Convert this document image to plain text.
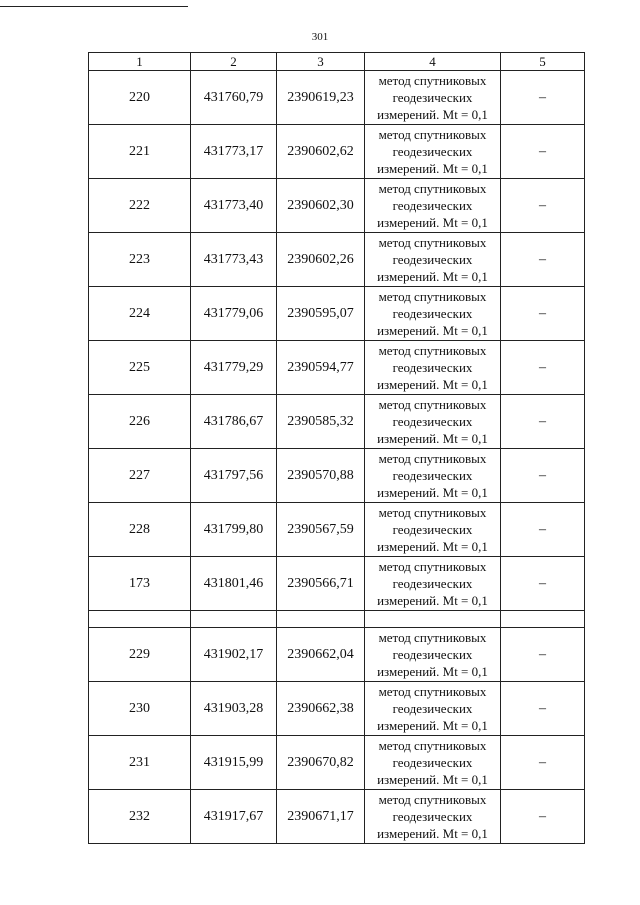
301
1	2	3	4	5
220	431760,79	2390619,23	метод спутниковых
геодезических
измерений. Mt = 0,1	–
221	431773,17	2390602,62	метод спутниковых
геодезических
измерений. Mt = 0,1	–
222	431773,40	2390602,30	метод спутниковых
геодезических
измерений. Mt = 0,1	–
223	431773,43	2390602,26	метод спутниковых
геодезических
измерений. Mt = 0,1	–
224	431779,06	2390595,07	метод спутниковых
геодезических
измерений. Mt = 0,1	–
225	431779,29	2390594,77	метод спутниковых
геодезических
измерений. Mt = 0,1	–
226	431786,67	2390585,32	метод спутниковых
геодезических
измерений. Mt = 0,1	–
227	431797,56	2390570,88	метод спутниковых
геодезических
измерений. Mt = 0,1	–
228	431799,80	2390567,59	метод спутниковых
геодезических
измерений. Mt = 0,1	–
173	431801,46	2390566,71	метод спутниковых
геодезических
измерений. Mt = 0,1	–

229	431902,17	2390662,04	метод спутниковых
геодезических
измерений. Mt = 0,1	–
230	431903,28	2390662,38	метод спутниковых
геодезических
измерений. Mt = 0,1	–
231	431915,99	2390670,82	метод спутниковых
геодезических
измерений. Mt = 0,1	–
232	431917,67	2390671,17	метод спутниковых
геодезических
измерений. Mt = 0,1	–
